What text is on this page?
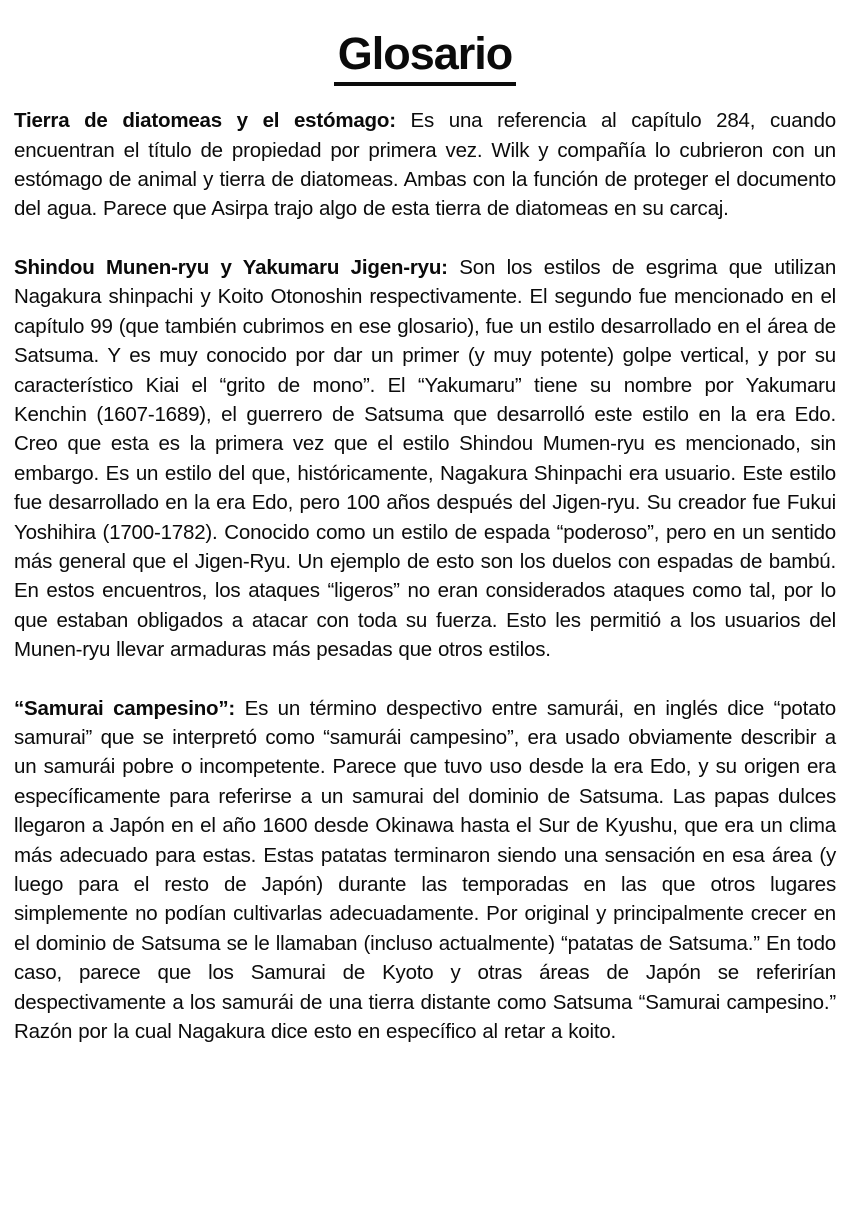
Glosario

Tierra de diatomeas y el estómago: Es una referencia al capítulo 284, cuando encuentran el título de propiedad por primera vez. Wilk y compañía lo cubrieron con un estómago de animal y tierra de diatomeas. Ambas con la función de proteger el documento del agua. Parece que Asirpa trajo algo de esta tierra de diatomeas en su carcaj.

Shindou Munen-ryu y Yakumaru Jigen-ryu: Son los estilos de esgrima que utilizan Nagakura shinpachi y Koito Otonoshin respectivamente. El segundo fue mencionado en el capítulo 99 (que también cubrimos en ese glosario), fue un estilo desarrollado en el área de Satsuma. Y es muy conocido por dar un primer (y muy potente) golpe vertical, y por su característico Kiai el “grito de mono”. El “Yakumaru” tiene su nombre por Yakumaru Kenchin (1607-1689), el guerrero de Satsuma que desarrolló este estilo en la era Edo. Creo que esta es la primera vez que el estilo Shindou Mumen-ryu es mencionado, sin embargo. Es un estilo del que, históricamente, Nagakura Shinpachi era usuario. Este estilo fue desarrollado en la era Edo, pero 100 años después del Jigen-ryu. Su creador fue Fukui Yoshihira (1700-1782). Conocido como un estilo de espada “poderoso”, pero en un sentido más general que el Jigen-Ryu. Un ejemplo de esto son los duelos con espadas de bambú. En estos encuentros, los ataques “ligeros” no eran considerados ataques como tal, por lo que estaban obligados a atacar con toda su fuerza. Esto les permitió a los usuarios del Munen-ryu llevar armaduras más pesadas que otros estilos.

“Samurai campesino”: Es un término despectivo entre samurái, en inglés dice “potato samurai” que se interpretó como “samurái campesino”, era usado obviamente describir a un samurái pobre o incompetente. Parece que tuvo uso desde la era Edo, y su origen era específicamente para referirse a un samurai del dominio de Satsuma. Las papas dulces llegaron a Japón en el año 1600 desde Okinawa hasta el Sur de Kyushu, que era un clima más adecuado para estas. Estas patatas terminaron siendo una sensación en esa área (y luego para el resto de Japón) durante las temporadas en las que otros lugares simplemente no podían cultivarlas adecuadamente. Por original y principalmente crecer en el dominio de Satsuma se le llamaban (incluso actualmente) “patatas de Satsuma.” En todo caso, parece que los Samurai de Kyoto y otras áreas de Japón se referirían despectivamente a los samurái de una tierra distante como Satsuma “Samurai campesino.” Razón por la cual Nagakura dice esto en específico al retar a koito.
